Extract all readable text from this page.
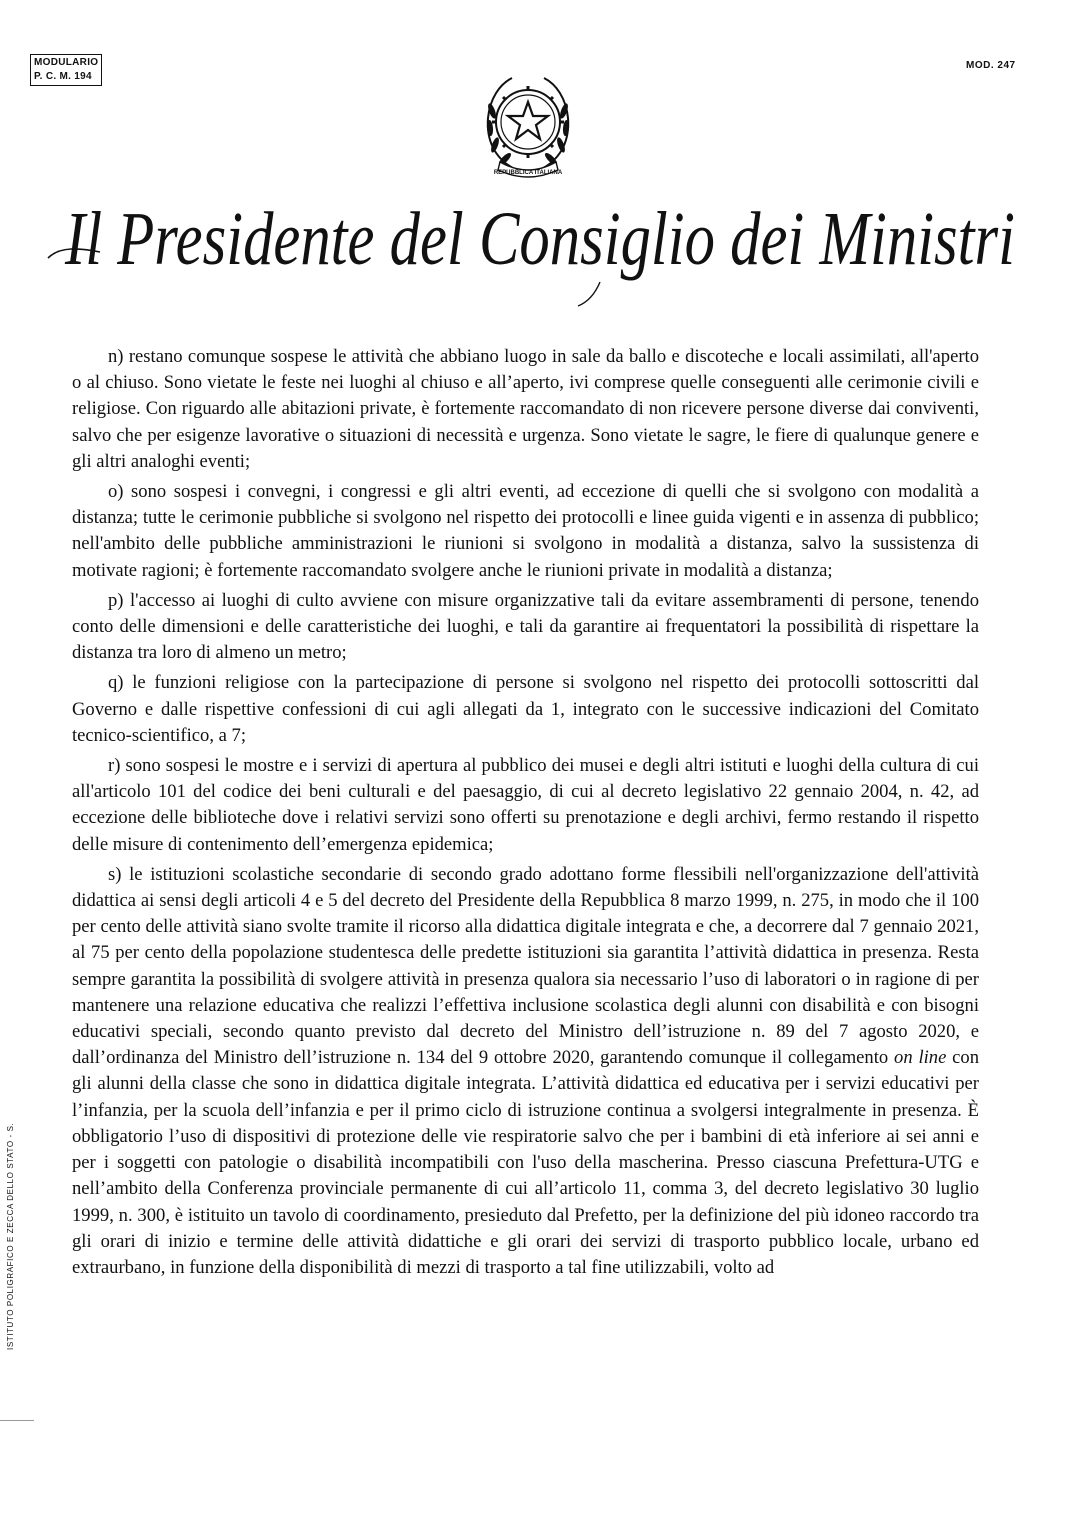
MODULARIO
P. C. M. 194
MOD. 247
REPUBBLICA ITALIANA
Il Presidente del Consiglio dei Ministri

n) restano comunque sospese le attività che abbiano luogo in sale da ballo e discoteche e locali assimilati, all'aperto o al chiuso. Sono vietate le feste nei luoghi al chiuso e all’aperto, ivi comprese quelle conseguenti alle cerimonie civili e religiose. Con riguardo alle abitazioni private, è fortemente raccomandato di non ricevere persone diverse dai conviventi, salvo che per esigenze lavorative o situazioni di necessità e urgenza. Sono vietate le sagre, le fiere di qualunque genere e gli altri analoghi eventi;

o) sono sospesi i convegni, i congressi e gli altri eventi, ad eccezione di quelli che si svolgono con modalità a distanza; tutte le cerimonie pubbliche si svolgono nel rispetto dei protocolli e linee guida vigenti e in assenza di pubblico; nell'ambito delle pubbliche amministrazioni le riunioni si svolgono in modalità a distanza, salvo la sussistenza di motivate ragioni; è fortemente raccomandato svolgere anche le riunioni private in modalità a distanza;

p) l'accesso ai luoghi di culto avviene con misure organizzative tali da evitare assembramenti di persone, tenendo conto delle dimensioni e delle caratteristiche dei luoghi, e tali da garantire ai frequentatori la possibilità di rispettare la distanza tra loro di almeno un metro;

q) le funzioni religiose con la partecipazione di persone si svolgono nel rispetto dei protocolli sottoscritti dal Governo e dalle rispettive confessioni di cui agli allegati da 1, integrato con le successive indicazioni del Comitato tecnico-scientifico, a 7;

r) sono sospesi le mostre e i servizi di apertura al pubblico dei musei e degli altri istituti e luoghi della cultura di cui all'articolo 101 del codice dei beni culturali e del paesaggio, di cui al decreto legislativo 22 gennaio 2004, n. 42, ad eccezione delle biblioteche dove i relativi servizi sono offerti su prenotazione e degli archivi, fermo restando il rispetto delle misure di contenimento dell’emergenza epidemica;

s) le istituzioni scolastiche secondarie di secondo grado adottano forme flessibili nell'organizzazione dell'attività didattica ai sensi degli articoli 4 e 5 del decreto del Presidente della Repubblica 8 marzo 1999, n. 275, in modo che il 100 per cento delle attività siano svolte tramite il ricorso alla didattica digitale integrata e che, a decorrere dal 7 gennaio 2021, al 75 per cento della popolazione studentesca delle predette istituzioni sia garantita l’attività didattica in presenza. Resta sempre garantita la possibilità di svolgere attività in presenza qualora sia necessario l’uso di laboratori o in ragione di per mantenere una relazione educativa che realizzi l’effettiva inclusione scolastica degli alunni con disabilità e con bisogni educativi speciali, secondo quanto previsto dal decreto del Ministro dell’istruzione n. 89 del 7 agosto 2020, e dall’ordinanza del Ministro dell’istruzione n. 134 del 9 ottobre 2020, garantendo comunque il collegamento on line con gli alunni della classe che sono in didattica digitale integrata. L’attività didattica ed educativa per i servizi educativi per l’infanzia, per la scuola dell’infanzia e per il primo ciclo di istruzione continua a svolgersi integralmente in presenza. È obbligatorio l’uso di dispositivi di protezione delle vie respiratorie salvo che per i bambini di età inferiore ai sei anni e per i soggetti con patologie o disabilità incompatibili con l'uso della mascherina. Presso ciascuna Prefettura-UTG e nell’ambito della Conferenza provinciale permanente di cui all’articolo 11, comma 3, del decreto legislativo 30 luglio 1999, n. 300, è istituito un tavolo di coordinamento, presieduto dal Prefetto, per la definizione del più idoneo raccordo tra gli orari di inizio e termine delle attività didattiche e gli orari dei servizi di trasporto pubblico locale, urbano ed extraurbano, in funzione della disponibilità di mezzi di trasporto a tal fine utilizzabili, volto ad

ISTITUTO POLIGRAFICO E ZECCA DELLO STATO - S.
